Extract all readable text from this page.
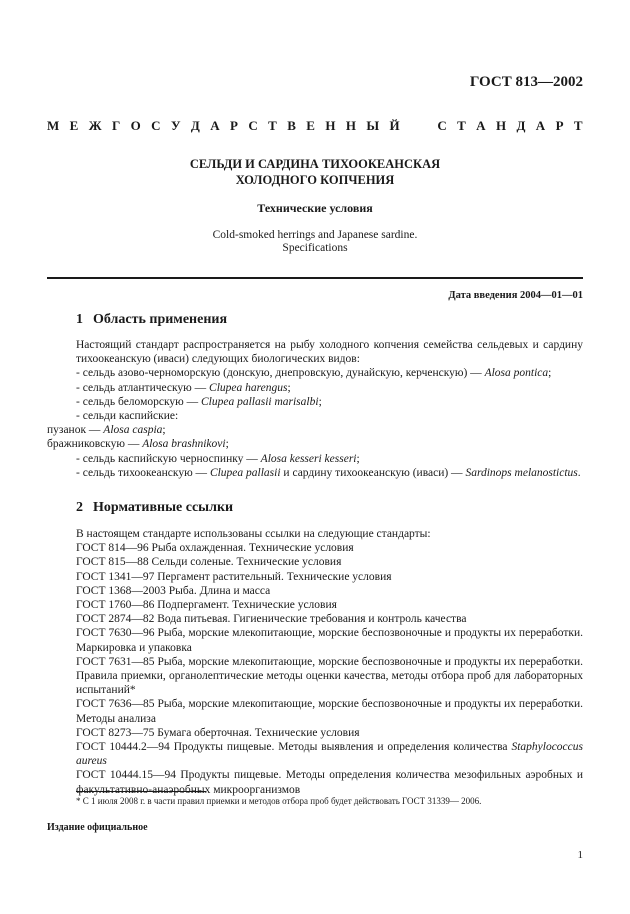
ГОСТ 813—2002
М Е Ж Г О С У Д А Р С Т В Е Н Н Ы Й

	С Т А Н Д А Р Т
СЕЛЬДИ И САРДИНА ТИХООКЕАНСКАЯ
ХОЛОДНОГО КОПЧЕНИЯ
Технические условия
Cold-smoked herrings and Japanese sardine.
Specifications
Дата введения 2004—01—01
1 Область применения

Настоящий стандарт распространяется на рыбу холодного копчения семейства сельдевых и сардину тихоокеанскую (иваси) следующих биологических видов:

- сельдь азово-черноморскую (донскую, днепровскую, дунайскую, керченскую) — Alosa pontica;

- сельдь атлантическую — Clupea harengus;

- сельдь беломорскую — Clupea pallasii marisalbi;

- сельди каспийские:

пузанок — Alosa caspia;

бражниковскую — Alosa brashnikovi;

- сельдь каспийскую черноспинку — Alosa kesseri kesseri;

- сельдь тихоокеанскую — Clupea pallasii и сардину тихоокеанскую (иваси) — Sardinops melanostictus.

2 Нормативные ссылки

В настоящем стандарте использованы ссылки на следующие стандарты:

ГОСТ 814—96 Рыба охлажденная. Технические условия

ГОСТ 815—88 Сельди соленые. Технические условия

ГОСТ 1341—97 Пергамент растительный. Технические условия

ГОСТ 1368—2003 Рыба. Длина и масса

ГОСТ 1760—86 Подпергамент. Технические условия

ГОСТ 2874—82 Вода питьевая. Гигиенические требования и контроль качества

ГОСТ 7630—96 Рыба, морские млекопитающие, морские беспозвоночные и продукты их переработки. Маркировка и упаковка

ГОСТ 7631—85 Рыба, морские млекопитающие, морские беспозвоночные и продукты их переработки. Правила приемки, органолептические методы оценки качества, методы отбора проб для лабораторных испытаний*

ГОСТ 7636—85 Рыба, морские млекопитающие, морские беспозвоночные и продукты их переработки. Методы анализа

ГОСТ 8273—75 Бумага оберточная. Технические условия

ГОСТ 10444.2—94 Продукты пищевые. Методы выявления и определения количества Staphylococcus aureus

ГОСТ 10444.15—94 Продукты пищевые. Методы определения количества мезофильных аэробных и факультативно-анаэробных микроорганизмов

* С 1 июля 2008 г. в части правил приемки и методов отбора проб будет действовать ГОСТ 31339— 2006.
Издание официальное
1
